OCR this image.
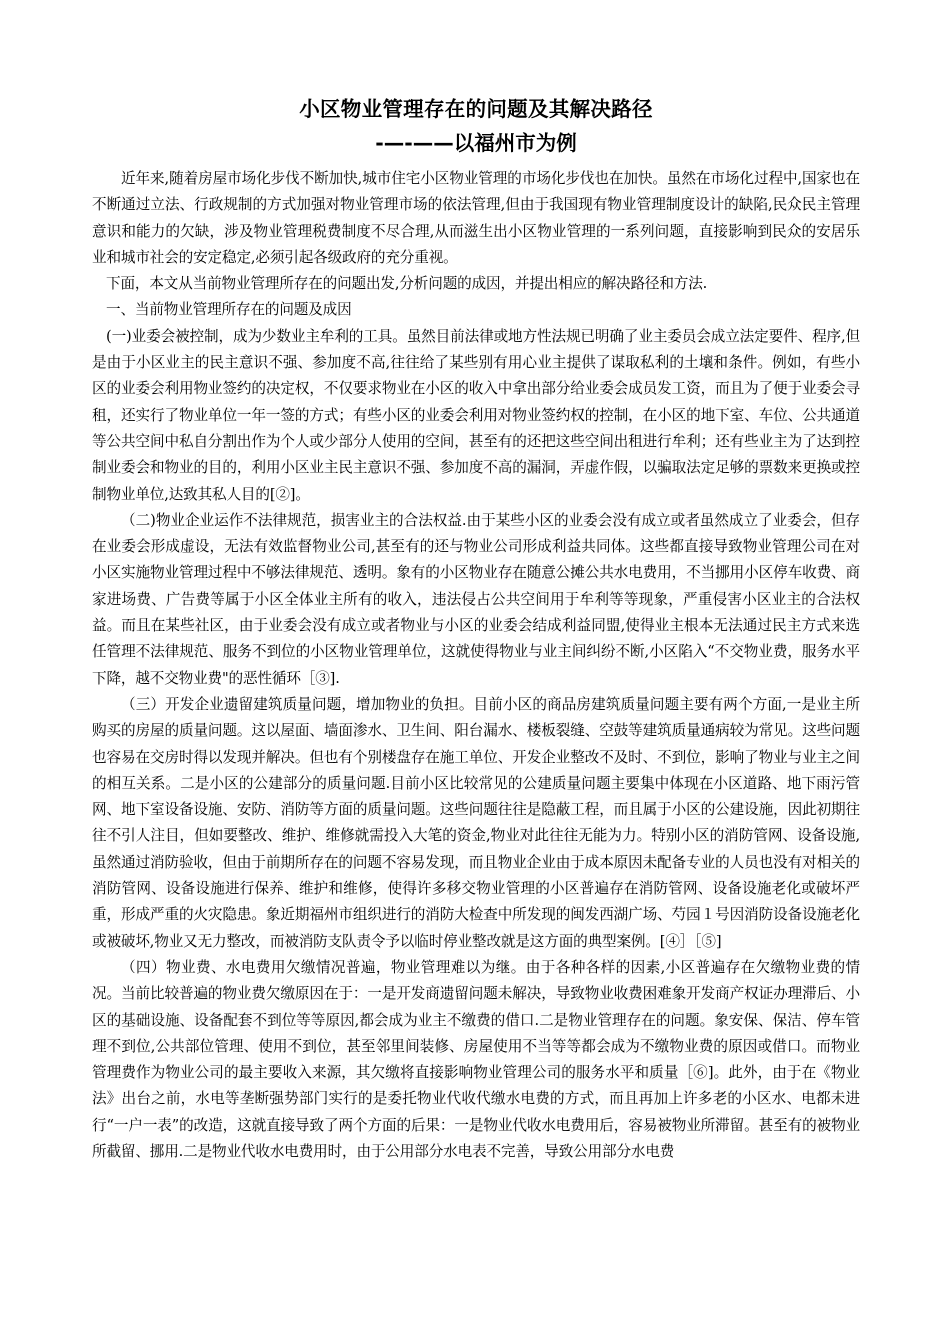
小区物业管理存在的问题及其解决路径
-—-——以福州市为例

近年来,随着房屋市场化步伐不断加快,城市住宅小区物业管理的市场化步伐也在加快。虽然在市场化过程中,国家也在不断通过立法、行政规制的方式加强对物业管理市场的依法管理,但由于我国现有物业管理制度设计的缺陷,民众民主管理意识和能力的欠缺，涉及物业管理税费制度不尽合理,从而滋生出小区物业管理的一系列问题，直接影响到民众的安居乐业和城市社会的安定稳定,必须引起各级政府的充分重视。

下面，本文从当前物业管理所存在的问题出发,分析问题的成因，并提出相应的解决路径和方法.

一、当前物业管理所存在的问题及成因

(一)业委会被控制，成为少数业主牟利的工具。虽然目前法律或地方性法规已明确了业主委员会成立法定要件、程序,但是由于小区业主的民主意识不强、参加度不高,往往给了某些别有用心业主提供了谋取私利的土壤和条件。例如，有些小区的业委会利用物业签约的决定权，不仅要求物业在小区的收入中拿出部分给业委会成员发工资，而且为了便于业委会寻租，还实行了物业单位一年一签的方式；有些小区的业委会利用对物业签约权的控制，在小区的地下室、车位、公共通道等公共空间中私自分割出作为个人或少部分人使用的空间，甚至有的还把这些空间出租进行牟利；还有些业主为了达到控制业委会和物业的目的，利用小区业主民主意识不强、参加度不高的漏洞，弄虚作假，以骗取法定足够的票数来更换或控制物业单位,达致其私人目的[②]。

（二)物业企业运作不法律规范，损害业主的合法权益.由于某些小区的业委会没有成立或者虽然成立了业委会，但存在业委会形成虚设，无法有效监督物业公司,甚至有的还与物业公司形成利益共同体。这些都直接导致物业管理公司在对小区实施物业管理过程中不够法律规范、透明。象有的小区物业存在随意公摊公共水电费用，不当挪用小区停车收费、商家进场费、广告费等属于小区全体业主所有的收入，违法侵占公共空间用于牟利等等现象，严重侵害小区业主的合法权益。而且在某些社区，由于业委会没有成立或者物业与小区的业委会结成利益同盟,使得业主根本无法通过民主方式来选任管理不法律规范、服务不到位的小区物业管理单位，这就使得物业与业主间纠纷不断,小区陷入“不交物业费，服务水平下降，越不交物业费"的恶性循环［③].

（三）开发企业遗留建筑质量问题，增加物业的负担。目前小区的商品房建筑质量问题主要有两个方面,一是业主所购买的房屋的质量问题。这以屋面、墙面渗水、卫生间、阳台漏水、楼板裂缝、空鼓等建筑质量通病较为常见。这些问题也容易在交房时得以发现并解决。但也有个别楼盘存在施工单位、开发企业整改不及时、不到位，影响了物业与业主之间的相互关系。二是小区的公建部分的质量问题.目前小区比较常见的公建质量问题主要集中体现在小区道路、地下雨污管网、地下室设备设施、安防、消防等方面的质量问题。这些问题往往是隐蔽工程，而且属于小区的公建设施，因此初期往往不引人注目，但如要整改、维护、维修就需投入大笔的资金,物业对此往往无能为力。特别小区的消防管网、设备设施,虽然通过消防验收，但由于前期所存在的问题不容易发现，而且物业企业由于成本原因未配备专业的人员也没有对相关的消防管网、设备设施进行保养、维护和维修，使得许多移交物业管理的小区普遍存在消防管网、设备设施老化或破坏严重，形成严重的火灾隐患。象近期福州市组织进行的消防大检查中所发现的闽发西湖广场、芍园１号因消防设备设施老化或被破坏,物业又无力整改，而被消防支队责令予以临时停业整改就是这方面的典型案例。[④］［⑤]

（四）物业费、水电费用欠缴情况普遍，物业管理难以为继。由于各种各样的因素,小区普遍存在欠缴物业费的情况。当前比较普遍的物业费欠缴原因在于：一是开发商遗留问题未解决，导致物业收费困难象开发商产权证办理滞后、小区的基础设施、设备配套不到位等等原因,都会成为业主不缴费的借口.二是物业管理存在的问题。象安保、保洁、停车管理不到位,公共部位管理、使用不到位，甚至邻里间装修、房屋使用不当等等都会成为不缴物业费的原因或借口。而物业管理费作为物业公司的最主要收入来源，其欠缴将直接影响物业管理公司的服务水平和质量［⑥]。此外，由于在《物业法》出台之前，水电等垄断强势部门实行的是委托物业代收代缴水电费的方式，而且再加上许多老的小区水、电都未进行“一户一表”的改造，这就直接导致了两个方面的后果：一是物业代收水电费用后，容易被物业所滞留。甚至有的被物业所截留、挪用.二是物业代收水电费用时，由于公用部分水电表不完善，导致公用部分水电费
